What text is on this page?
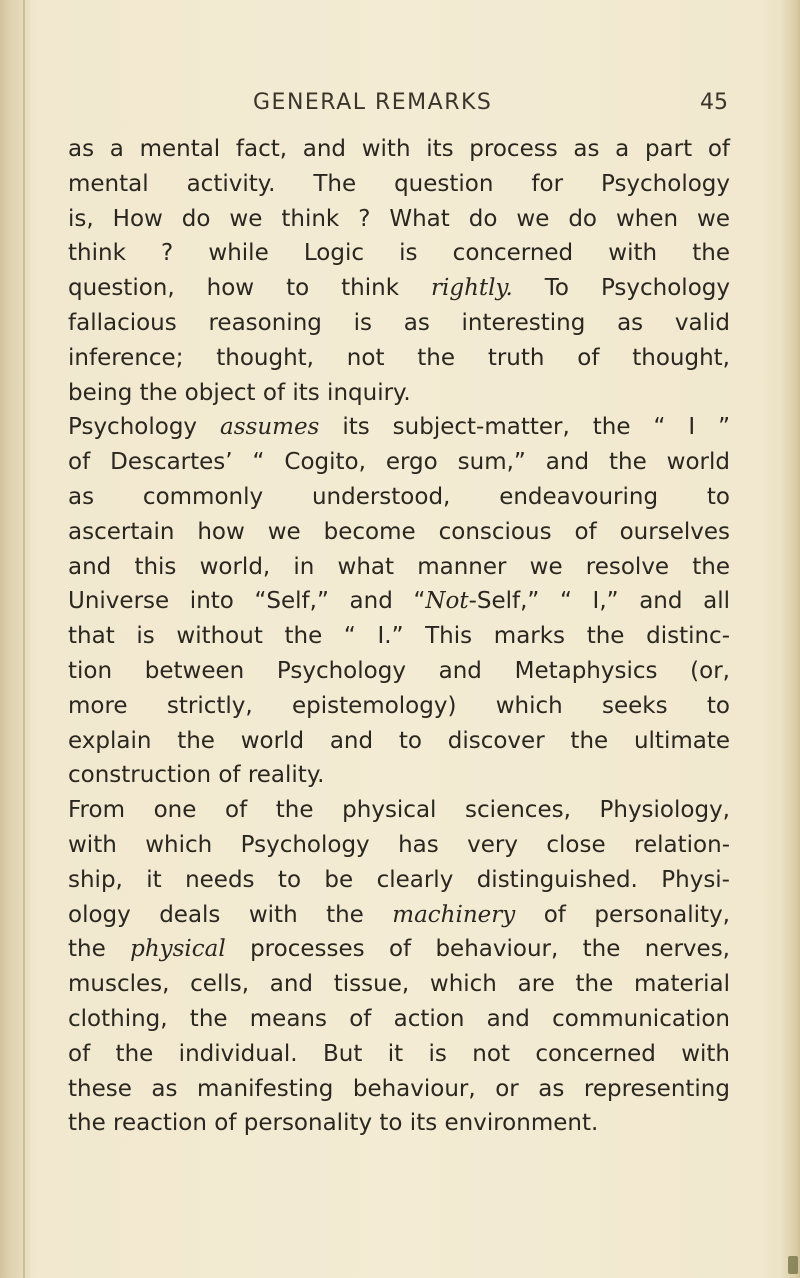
GENERAL REMARKS	45
as a mental fact, and with its process as a part of
mental activity. The question for Psychology
is, How do we think ? What do we do when we
think ? while Logic is concerned with the
question, how to think rightly. To Psychology
fallacious reasoning is as interesting as valid
inference; thought, not the truth of thought,
being the object of its inquiry.
Psychology assumes its subject-matter, the “ I ”
of Descartes’ “ Cogito, ergo sum,” and the world
as commonly understood, endeavouring to
ascertain how we become conscious of ourselves
and this world, in what manner we resolve the
Universe into “Self,” and “Not-Self,” “ I,” and all
that is without the “ I.” This marks the distinc-
tion between Psychology and Metaphysics (or,
more strictly, epistemology) which seeks to
explain the world and to discover the ultimate
construction of reality.
From one of the physical sciences, Physiology,
with which Psychology has very close relation-
ship, it needs to be clearly distinguished. Physi-
ology deals with the machinery of personality,
the physical processes of behaviour, the nerves,
muscles, cells, and tissue, which are the material
clothing, the means of action and communication
of the individual. But it is not concerned with
these as manifesting behaviour, or as representing
the reaction of personality to its environment.
